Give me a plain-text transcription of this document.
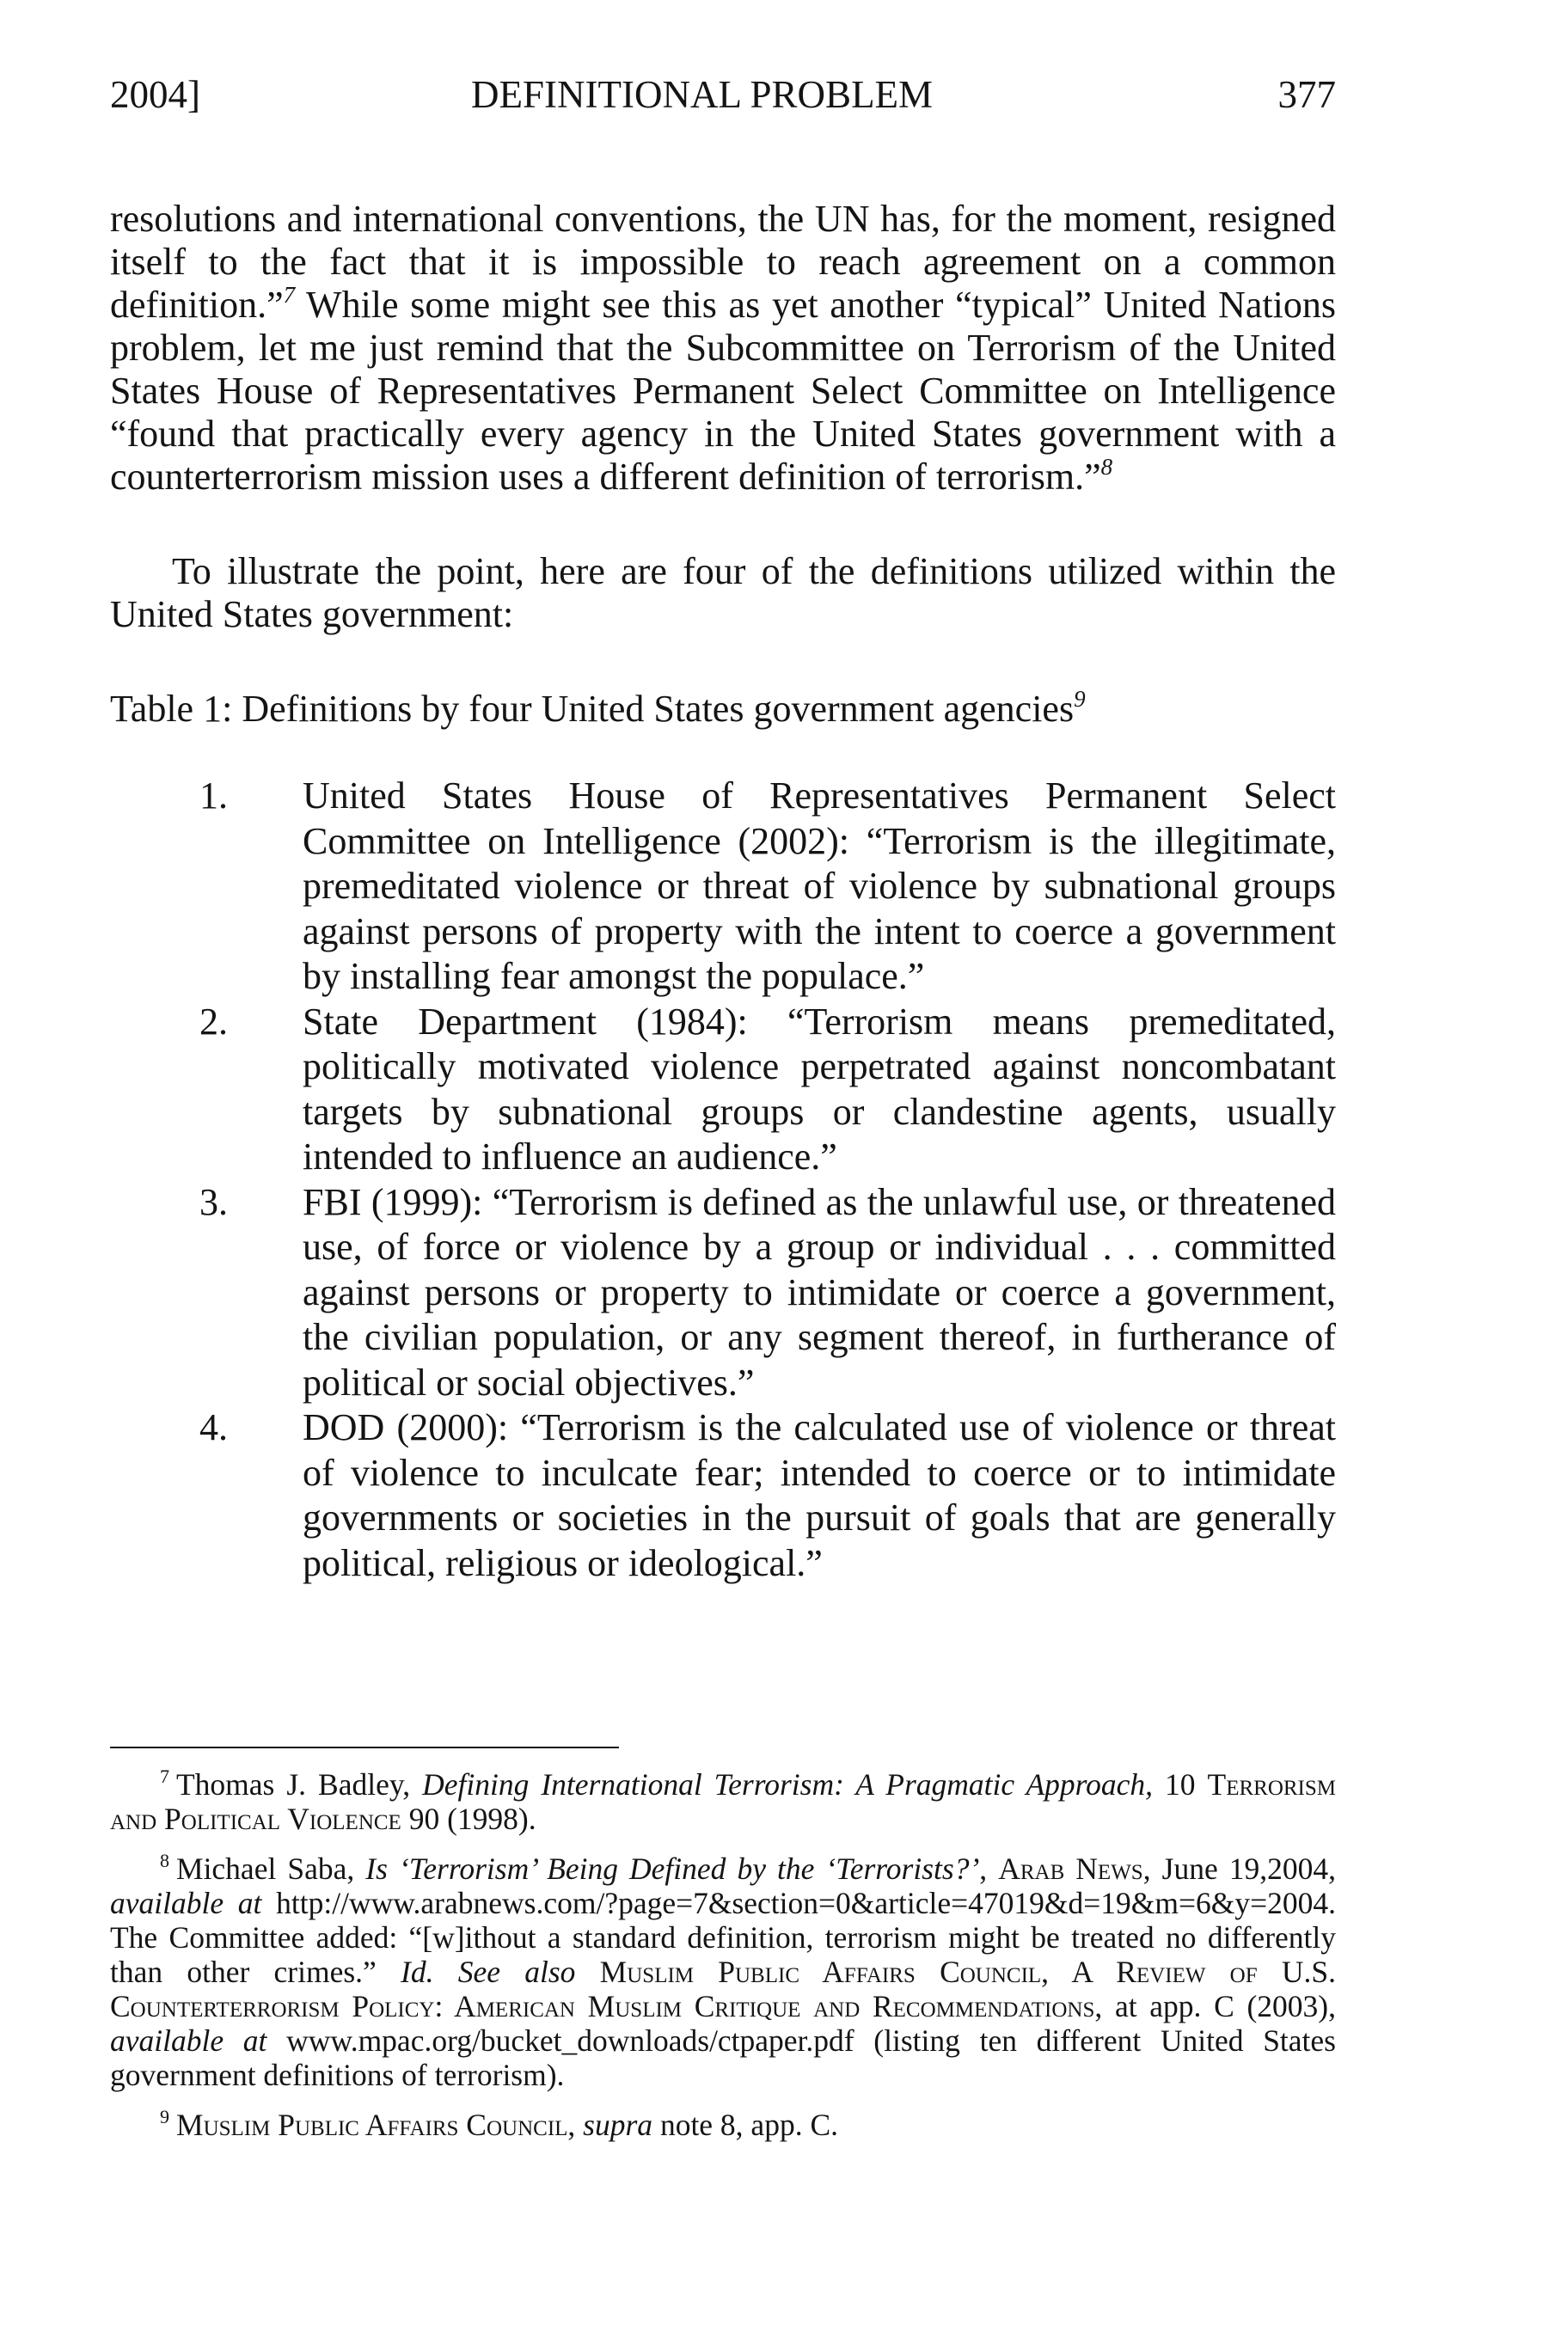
2004]	DEFINITIONAL PROBLEM	377
resolutions and international conventions, the UN has, for the moment, resigned itself to the fact that it is impossible to reach agreement on a common definition.”$^7$ While some might see this as yet another “typical” United Nations problem, let me just remind that the Subcommittee on Terrorism of the United States House of Representatives Permanent Select Committee on Intelligence “found that practically every agency in the United States government with a counterterrorism mission uses a different definition of terrorism.”$^8$
To illustrate the point, here are four of the definitions utilized within the United States government:
Table 1: Definitions by four United States government agencies$^9$
1.	United States House of Representatives Permanent Select Committee on Intelligence (2002): “Terrorism is the illegitimate, premeditated violence or threat of violence by subnational groups against persons of property with the intent to coerce a government by installing fear amongst the populace.”
2.	State Department (1984): “Terrorism means premeditated, politically motivated violence perpetrated against noncombatant targets by subnational groups or clandestine agents, usually intended to influence an audience.”
3.	FBI (1999): “Terrorism is defined as the unlawful use, or threatened use, of force or violence by a group or individual . . . committed against persons or property to intimidate or coerce a government, the civilian population, or any segment thereof, in furtherance of political or social objectives.”
4.	DOD (2000): “Terrorism is the calculated use of violence or threat of violence to inculcate fear; intended to coerce or to intimidate governments or societies in the pursuit of goals that are generally political, religious or ideological.”

$^7$ Thomas J. Badley, Defining International Terrorism: A Pragmatic Approach, 10 Terrorism and Political Violence 90 (1998).

$^8$ Michael Saba, Is ‘Terrorism’ Being Defined by the ‘Terrorists?’, Arab News, June 19,2004, available at http://www.arabnews.com/?page=7&section=0&article=47019&d=19&m=6&y=2004. The Committee added: “[w]ithout a standard definition, terrorism might be treated no differently than other crimes.” Id. See also Muslim Public Affairs Council, A Review of U.S. Counterterrorism Policy: American Muslim Critique and Recommendations, at app. C (2003), available at www.mpac.org/bucket_downloads/ctpaper.pdf (listing ten different United States government definitions of terrorism).

$^9$ Muslim Public Affairs Council, supra note 8, app. C.
